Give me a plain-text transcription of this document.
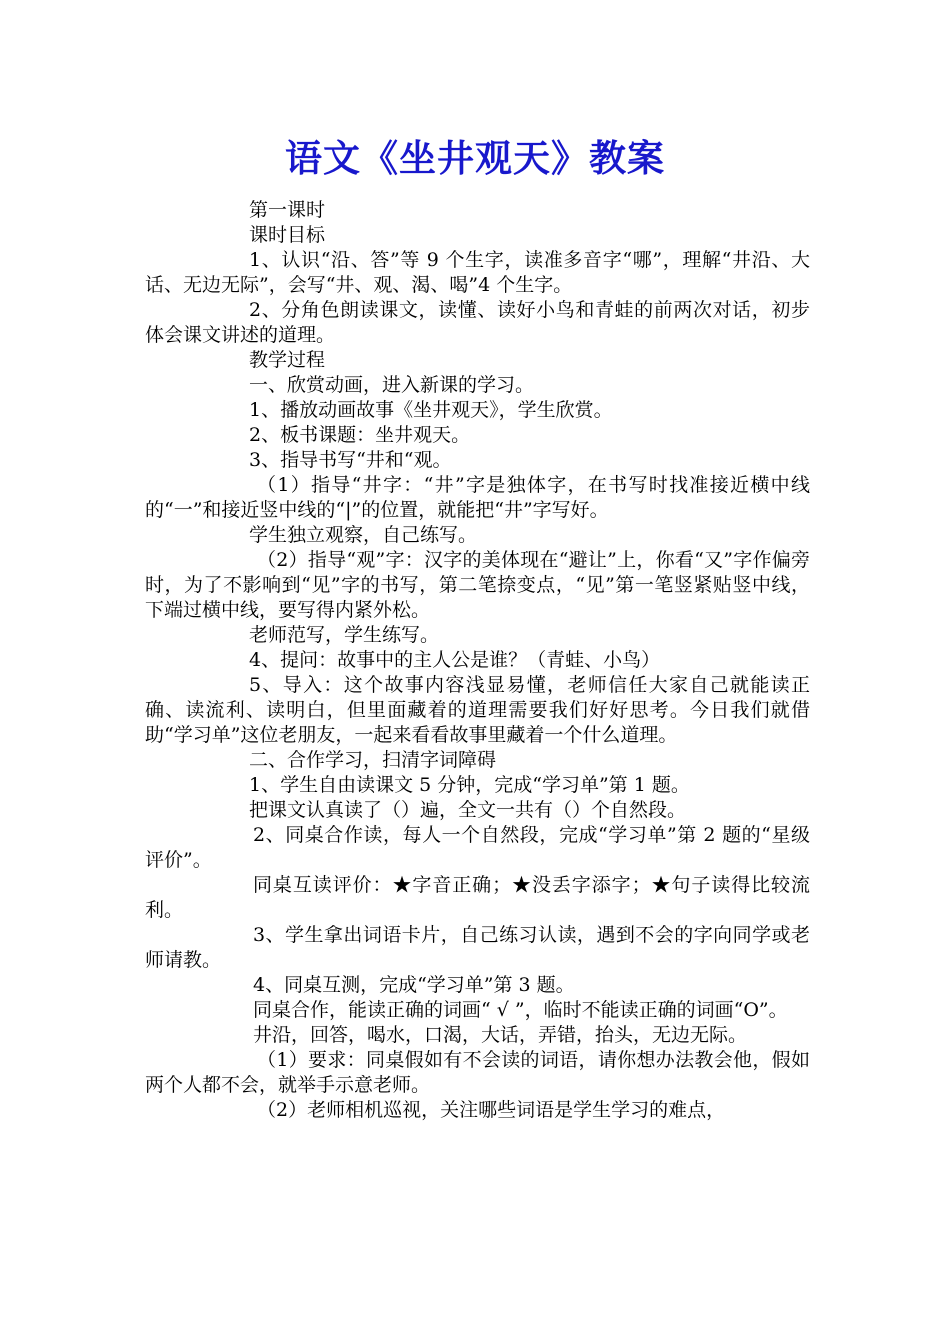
语文《坐井观天》教案

第一课时

课时目标

1、认识“沿、答”等 9 个生字，读准多音字“哪”，理解“井沿、大话、无边无际”，会写“井、观、渴、喝”4 个生字。

2、分角色朗读课文，读懂、读好小鸟和青蛙的前两次对话，初步体会课文讲述的道理。

教学过程

一、欣赏动画，进入新课的学习。

1、播放动画故事《坐井观天》，学生欣赏。

2、板书课题：坐井观天。

3、指导书写“井和“观。

（1）指导“井字：“井”字是独体字，在书写时找准接近横中线的“一”和接近竖中线的“|”的位置，就能把“井”字写好。

学生独立观察，自己练写。

（2）指导“观”字：汉字的美体现在“避让”上，你看“又”字作偏旁时，为了不影响到“见”字的书写，第二笔捺变点，“见”第一笔竖紧贴竖中线，下端过横中线，要写得内紧外松。

老师范写，学生练写。

4、提问：故事中的主人公是谁？（青蛙、小鸟）

5、导入：这个故事内容浅显易懂，老师信任大家自己就能读正确、读流利、读明白，但里面藏着的道理需要我们好好思考。今日我们就借助“学习单”这位老朋友，一起来看看故事里藏着一个什么道理。

二、合作学习，扫清字词障碍

1、学生自由读课文 5 分钟，完成“学习单”第 1 题。

把课文认真读了（）遍，全文一共有（）个自然段。

2、同桌合作读，每人一个自然段，完成“学习单”第 2 题的“星级评价”。

同桌互读评价：★字音正确；★没丢字添字；★句子读得比较流利。

3、学生拿出词语卡片，自己练习认读，遇到不会的字向同学或老师请教。

4、同桌互测，完成“学习单”第 3 题。

同桌合作，能读正确的词画“ √ ”，临时不能读正确的词画“O”。

井沿，回答，喝水，口渴，大话，弄错，抬头，无边无际。

（1）要求：同桌假如有不会读的词语，请你想办法教会他，假如两个人都不会，就举手示意老师。

（2）老师相机巡视，关注哪些词语是学生学习的难点，
